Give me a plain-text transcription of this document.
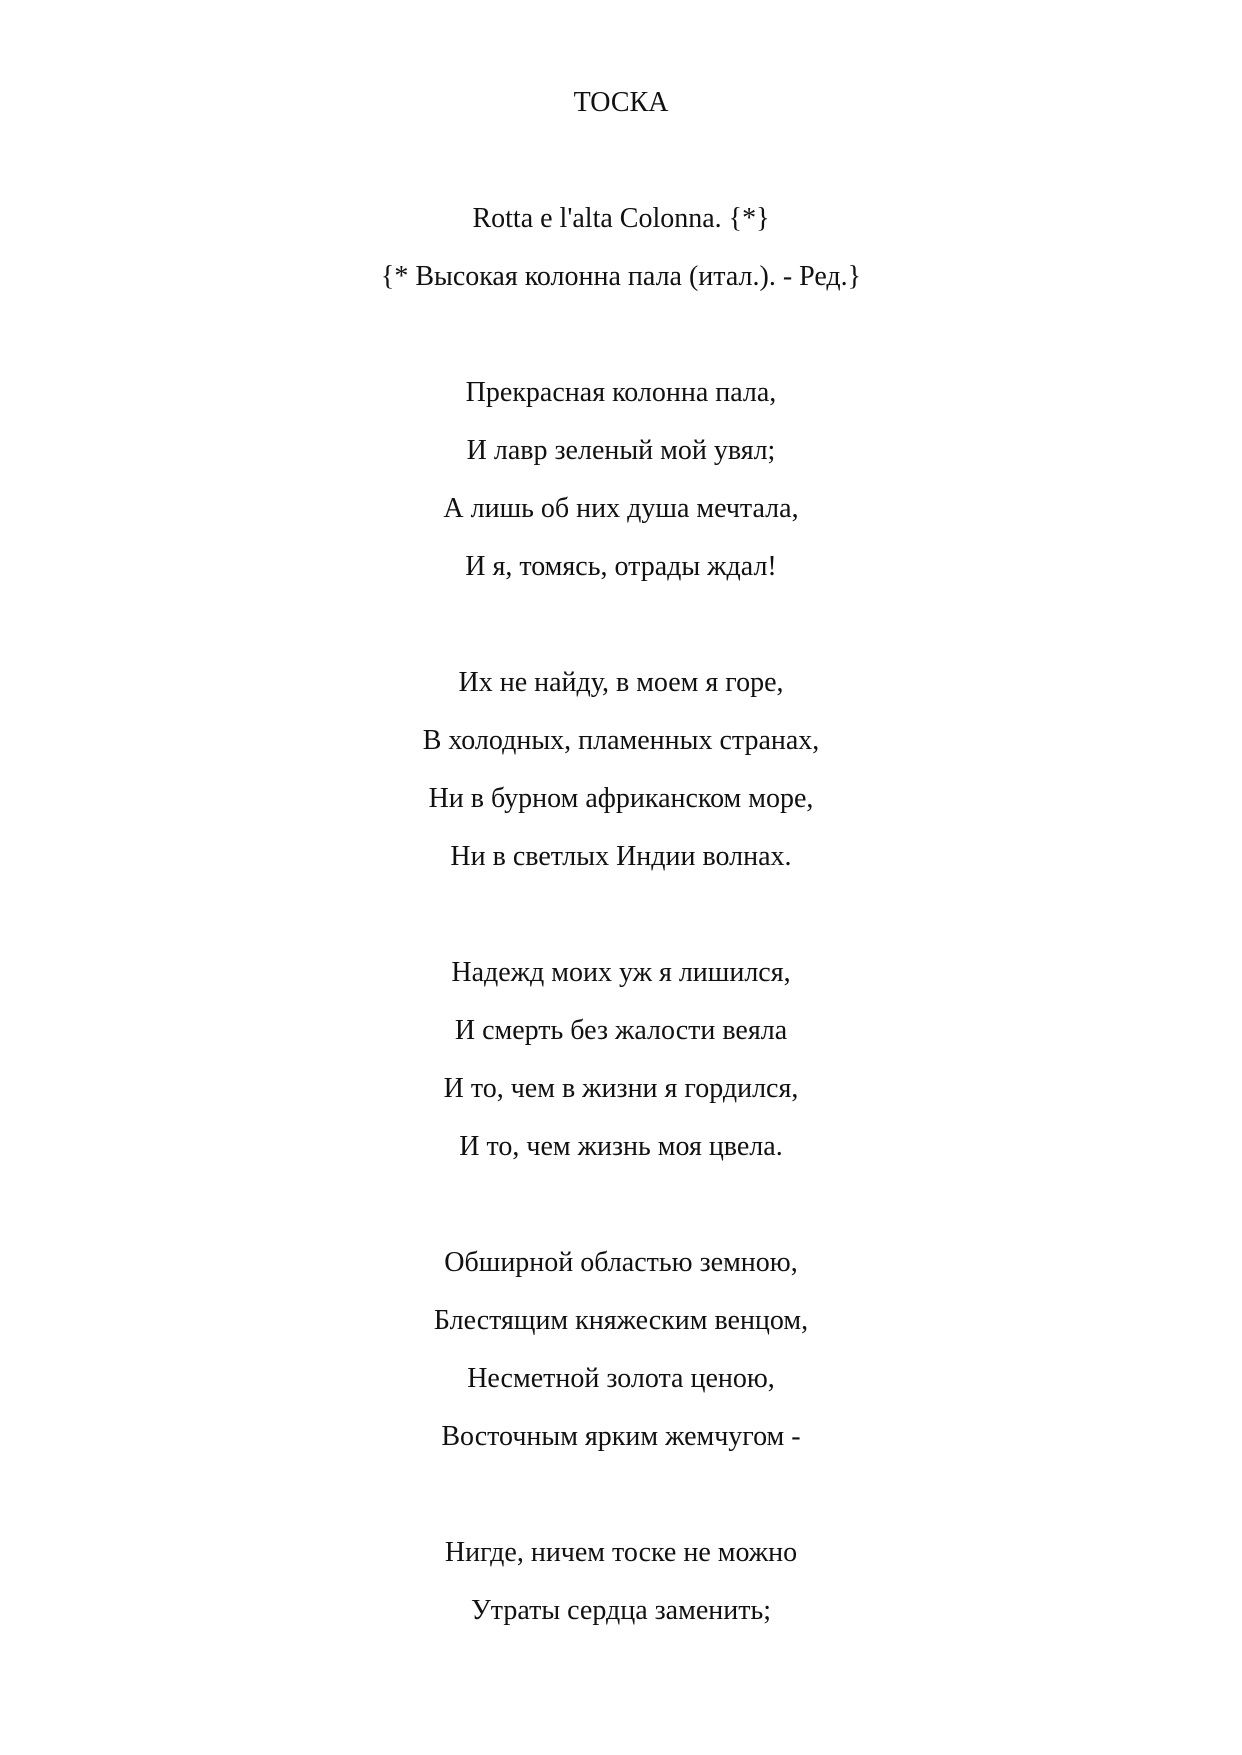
ТОСКА
Rotta e l'alta Colonna. {*}
{* Высокая колонна пала (итал.). - Ред.}
Прекрасная колонна пала,
И лавр зеленый мой увял;
А лишь об них душа мечтала,
И я, томясь, отрады ждал!
Их не найду, в моем я горе,
В холодных, пламенных странах,
Ни в бурном африканском море,
Ни в светлых Индии волнах.
Надежд моих уж я лишился,
И смерть без жалости веяла
И то, чем в жизни я гордился,
И то, чем жизнь моя цвела.
Обширной областью земною,
Блестящим княжеским венцом,
Несметной золота ценою,
Восточным ярким жемчугом -
Нигде, ничем тоске не можно
Утраты сердца заменить;
